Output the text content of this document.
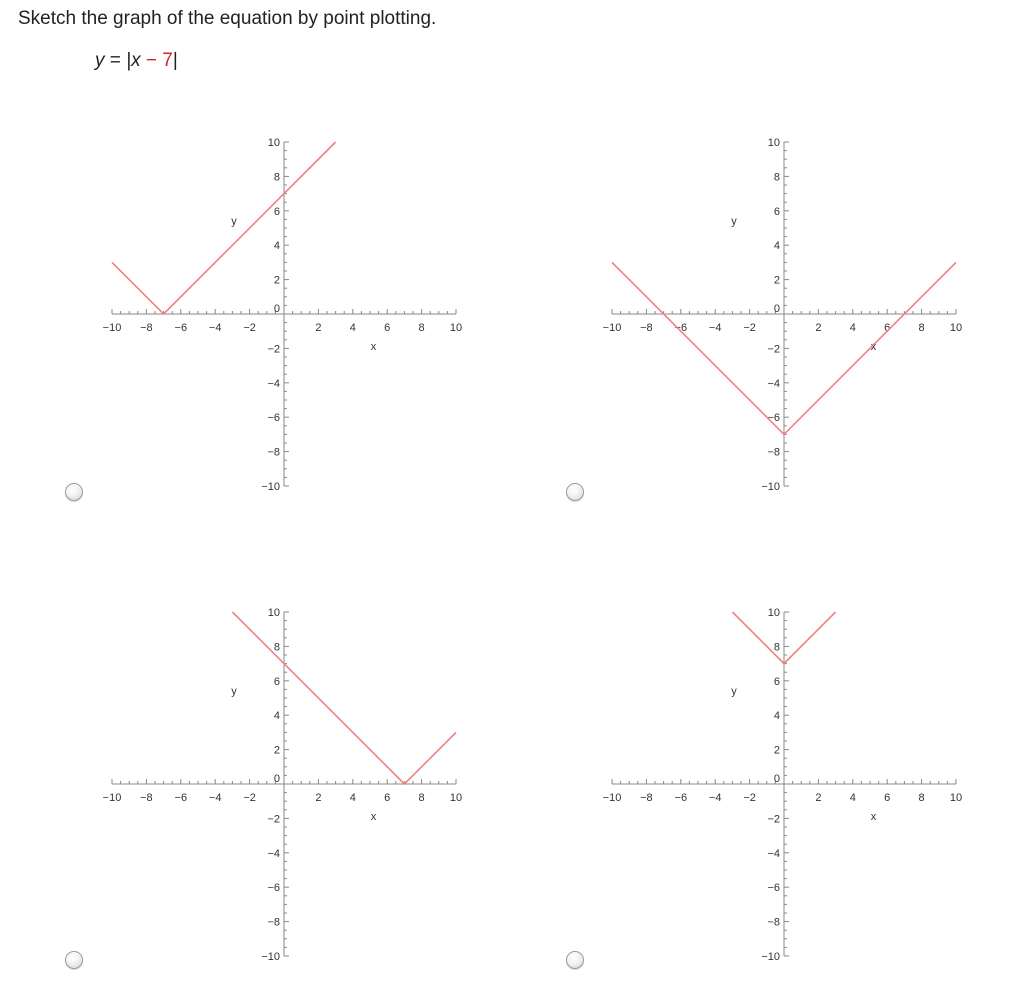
Sketch the graph of the equation by point plotting.
y = |x − 7|
−10 −8 −6 −4 −2	2	4	6	8 10
−10
−8
−6
−4
−2
2
4
6
8
10
0
x
y
−10 −8 −6 −4 −2	2	4	6	8 10
−10
−8
−6
−4
−2
2
4
6
8
10
0
x
y
−10 −8 −6 −4 −2	2	4	6	8 10
−10
−8
−6
−4
−2
2
4
6
8
10
0
x
y
−10 −8 −6 −4 −2	2	4	6	8 10
−10
−8
−6
−4
−2
2
4
6
8
10
0
x
y
